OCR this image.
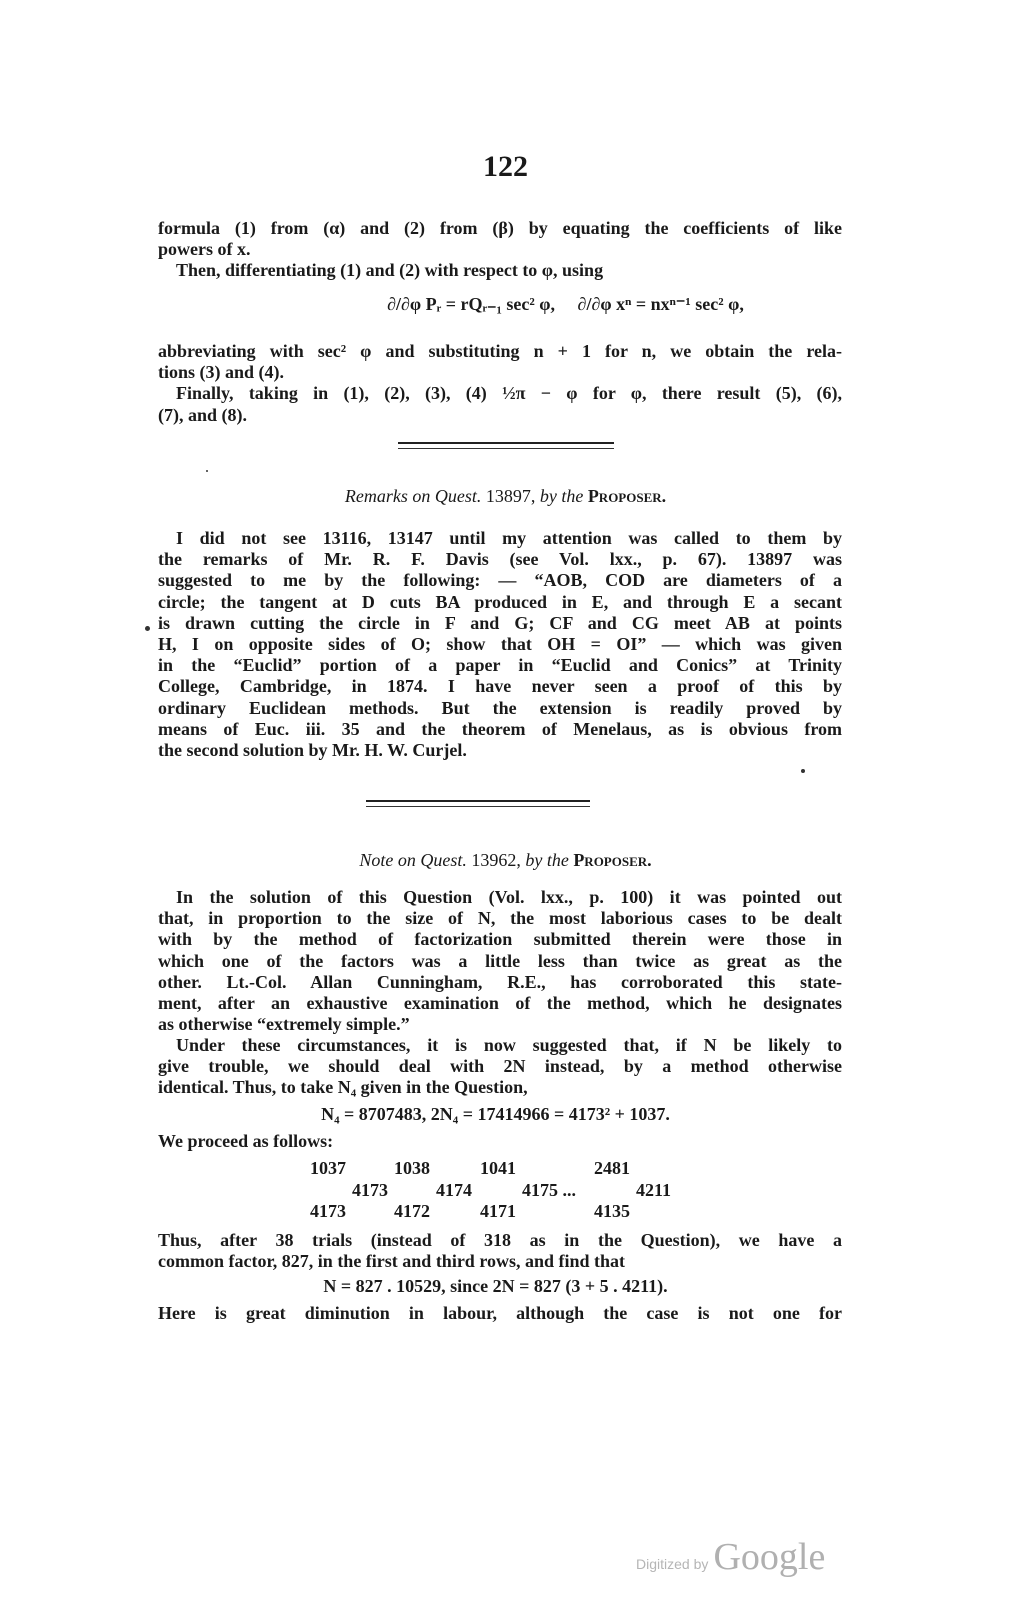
122
formula (1) from (α) and (2) from (β) by equating the coefficients of like
powers of x.
Then, differentiating (1) and (2) with respect to φ, using
∂/∂φ Pᵣ = rQᵣ₋₁ sec² φ, ∂/∂φ xⁿ = nxⁿ⁻¹ sec² φ,
abbreviating with sec² φ and substituting n + 1 for n, we obtain the rela-
tions (3) and (4).
Finally, taking in (1), (2), (3), (4) ½π − φ for φ, there result (5), (6),
(7), and (8).
Remarks on Quest. 13897, by the Proposer.
I did not see 13116, 13147 until my attention was called to them by
the remarks of Mr. R. F. Davis (see Vol. lxx., p. 67). 13897 was
suggested to me by the following: — “AOB, COD are diameters of a
circle; the tangent at D cuts BA produced in E, and through E a secant
is drawn cutting the circle in F and G; CF and CG meet AB at points
H, I on opposite sides of O; show that OH = OI” — which was given
in the “Euclid” portion of a paper in “Euclid and Conics” at Trinity
College, Cambridge, in 1874. I have never seen a proof of this by
ordinary Euclidean methods. But the extension is readily proved by
means of Euc. iii. 35 and the theorem of Menelaus, as is obvious from
the second solution by Mr. H. W. Curjel.
Note on Quest. 13962, by the Proposer.
In the solution of this Question (Vol. lxx., p. 100) it was pointed out
that, in proportion to the size of N, the most laborious cases to be dealt
with by the method of factorization submitted therein were those in
which one of the factors was a little less than twice as great as the
other. Lt.-Col. Allan Cunningham, R.E., has corroborated this state-
ment, after an exhaustive examination of the method, which he designates
as otherwise “extremely simple.”
Under these circumstances, it is now suggested that, if N be likely to
give trouble, we should deal with 2N instead, by a method otherwise
identical. Thus, to take N₄ given in the Question,
N₄ = 8707483, 2N₄ = 17414966 = 4173² + 1037.
We proceed as follows:
1037	1038	1041	2481
4173	4174	4175 ...	4211
4173	4172	4171	4135
Thus, after 38 trials (instead of 318 as in the Question), we have a
common factor, 827, in the first and third rows, and find that
N = 827 . 10529, since 2N = 827 (3 + 5 . 4211).
Here is great diminution in labour, although the case is not one for
Digitized by Google
